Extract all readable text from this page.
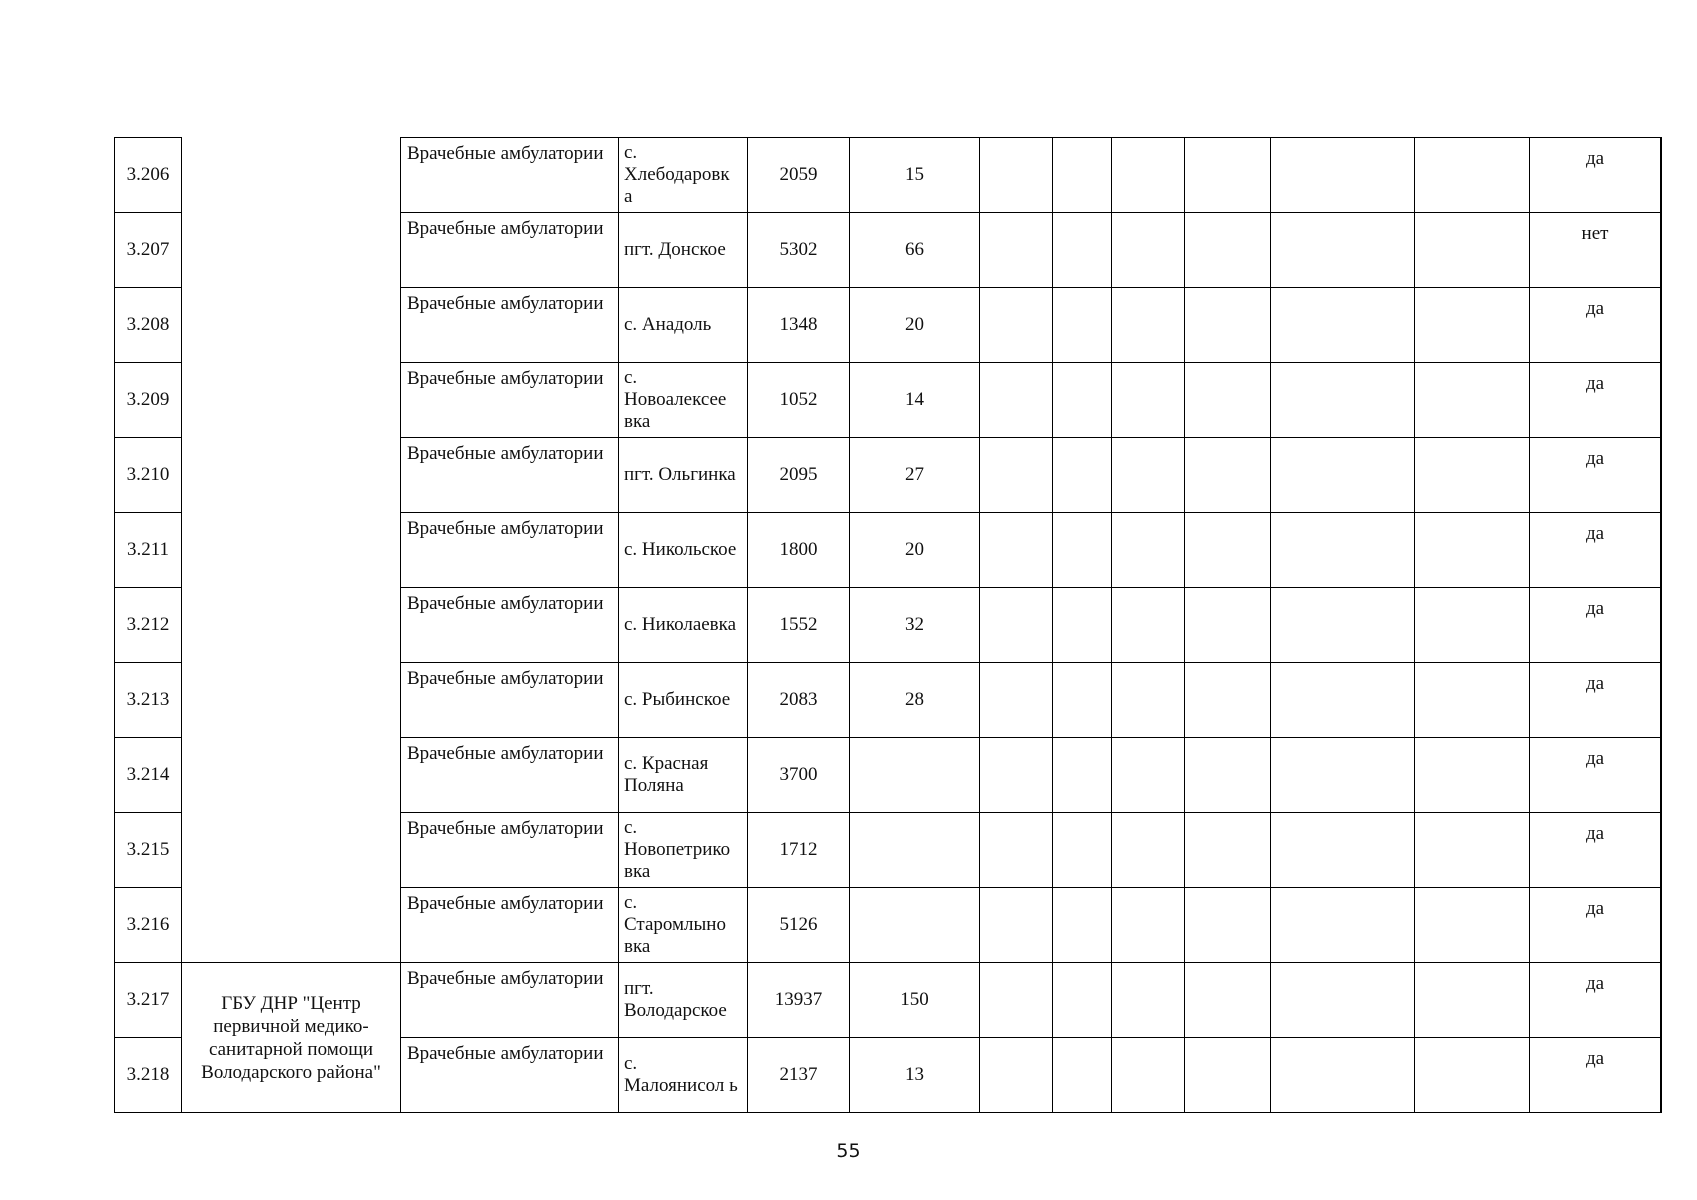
3.206		Врачебные амбулатории	с. Хлебодаровк а	2059	15							да	
3.207		Врачебные амбулатории	пгт. Донское	5302	66							нет	
3.208		Врачебные амбулатории	с. Анадоль	1348	20							да	
3.209		Врачебные амбулатории	с. Новоалексее вка	1052	14							да	
3.210		Врачебные амбулатории	пгт. Ольгинка	2095	27							да	
3.211		Врачебные амбулатории	с. Никольское	1800	20							да	
3.212		Врачебные амбулатории	с. Николаевка	1552	32							да	
3.213		Врачебные амбулатории	с. Рыбинское	2083	28							да	
3.214		Врачебные амбулатории	с. Красная Поляна	3700								да	
3.215		Врачебные амбулатории	с. Новопетрико вка	1712								да	
3.216		Врачебные амбулатории	с. Старомлыно вка	5126								да	
3.217	ГБУ ДНР "Центр первичной медико-санитарной помощи Володарского района"	Врачебные амбулатории	пгт. Володарское	13937	150							да	
3.218		Врачебные амбулатории	с. Малоянисол ь	2137	13							да	
55
